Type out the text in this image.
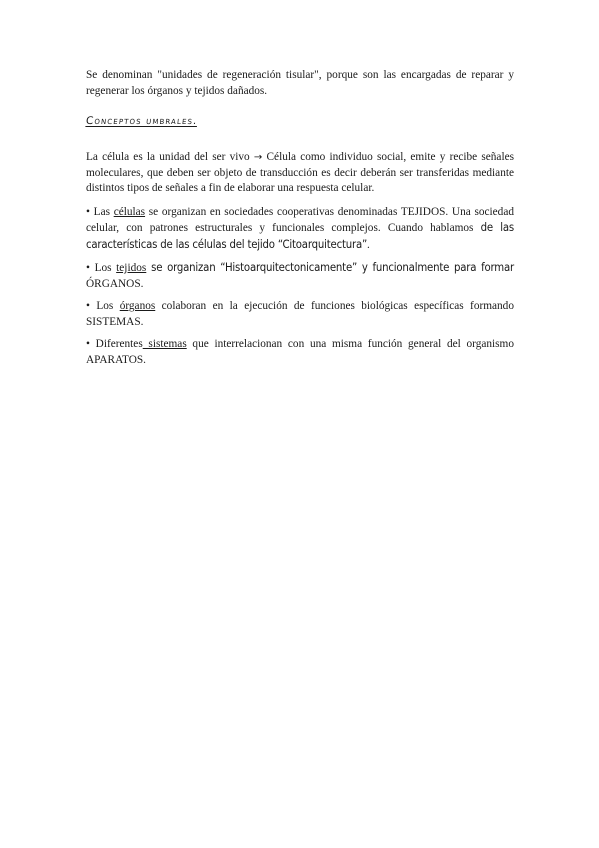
Se denominan "unidades de regeneración tisular", porque son las encargadas de reparar y regenerar los órganos y tejidos dañados.

Conceptos umbrales.

La célula es la unidad del ser vivo → Célula como individuo social, emite y recibe señales moleculares, que deben ser objeto de transducción es decir deberán ser transferidas mediante distintos tipos de señales a fin de elaborar una respuesta celular.

• Las células se organizan en sociedades cooperativas denominadas TEJIDOS. Una sociedad celular, con patrones estructurales y funcionales complejos. Cuando hablamos de las características de las células del tejido “Citoarquitectura”.

• Los tejidos se organizan “Histoarquitectonicamente” y funcionalmente para formar ÓRGANOS.

• Los órganos colaboran en la ejecución de funciones biológicas específicas formando SISTEMAS.

• Diferentes sistemas que interrelacionan con una misma función general del organismo APARATOS.
